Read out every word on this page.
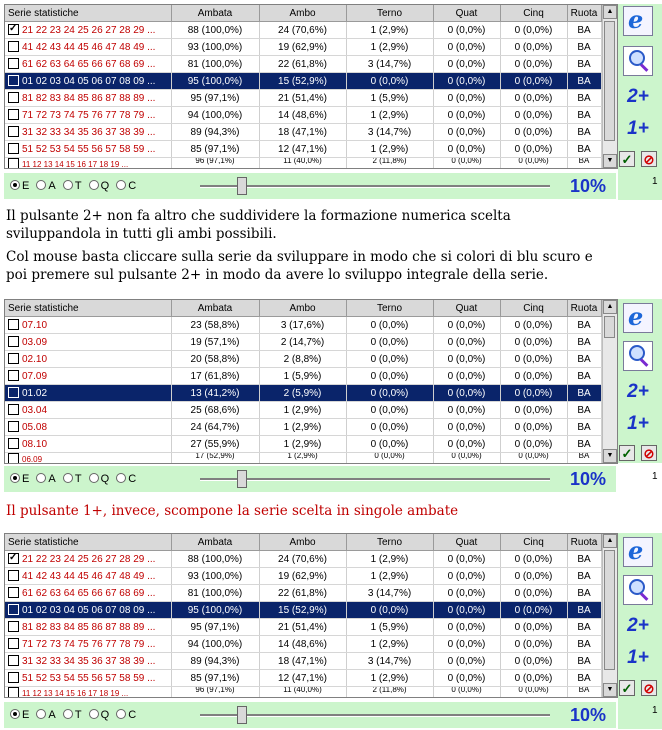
Serie statistiche	Ambata	Ambo	Terno	Quat	Cinq	Ruota
✓21 22 23 24 25 26 27 28 29 ...	88 (100,0%)	24 (70,6%)	1 (2,9%)	0 (0,0%)	0 (0,0%)	BA
41 42 43 44 45 46 47 48 49 ...	93 (100,0%)	19 (62,9%)	1 (2,9%)	0 (0,0%)	0 (0,0%)	BA
61 62 63 64 65 66 67 68 69 ...	81 (100,0%)	22 (61,8%)	3 (14,7%)	0 (0,0%)	0 (0,0%)	BA
01 02 03 04 05 06 07 08 09 ...	95 (100,0%)	15 (52,9%)	0 (0,0%)	0 (0,0%)	0 (0,0%)	BA
81 82 83 84 85 86 87 88 89 ...	95 (97,1%)	21 (51,4%)	1 (5,9%)	0 (0,0%)	0 (0,0%)	BA
71 72 73 74 75 76 77 78 79 ...	94 (100,0%)	14 (48,6%)	1 (2,9%)	0 (0,0%)	0 (0,0%)	BA
31 32 33 34 35 36 37 38 39 ...	89 (94,3%)	18 (47,1%)	3 (14,7%)	0 (0,0%)	0 (0,0%)	BA
51 52 53 54 55 56 57 58 59 ...	85 (97,1%)	12 (47,1%)	1 (2,9%)	0 (0,0%)	0 (0,0%)	BA
11 12 13 14 15 16 17 18 19 ...	96 (97,1%)	11 (40,0%)	2 (11,8%)	0 (0,0%)	0 (0,0%)	BA
▲
▼
e
2+
1+
✓ ⊘
E A T Q C	10%	1
Il pulsante 2+ non fa altro che suddividere la formazione numerica scelta
sviluppandola in tutti gli ambi possibili.
Col mouse basta cliccare sulla serie da sviluppare in modo che si colori di blu scuro e
poi premere sul pulsante 2+ in modo da avere lo sviluppo integrale della serie.
Serie statistiche	Ambata	Ambo	Terno	Quat	Cinq	Ruota
07.10	23 (58,8%)	3 (17,6%)	0 (0,0%)	0 (0,0%)	0 (0,0%)	BA
03.09	19 (57,1%)	2 (14,7%)	0 (0,0%)	0 (0,0%)	0 (0,0%)	BA
02.10	20 (58,8%)	2 (8,8%)	0 (0,0%)	0 (0,0%)	0 (0,0%)	BA
07.09	17 (61,8%)	1 (5,9%)	0 (0,0%)	0 (0,0%)	0 (0,0%)	BA
01.02	13 (41,2%)	2 (5,9%)	0 (0,0%)	0 (0,0%)	0 (0,0%)	BA
03.04	25 (68,6%)	1 (2,9%)	0 (0,0%)	0 (0,0%)	0 (0,0%)	BA
05.08	24 (64,7%)	1 (2,9%)	0 (0,0%)	0 (0,0%)	0 (0,0%)	BA
08.10	27 (55,9%)	1 (2,9%)	0 (0,0%)	0 (0,0%)	0 (0,0%)	BA
06.09	17 (52,9%)	1 (2,9%)	0 (0,0%)	0 (0,0%)	0 (0,0%)	BA
▲
▼
e
2+
1+
✓ ⊘
E A T Q C	10%	1
Il pulsante 1+, invece, scompone la serie scelta in singole ambate
Serie statistiche	Ambata	Ambo	Terno	Quat	Cinq	Ruota
✓21 22 23 24 25 26 27 28 29 ...	88 (100,0%)	24 (70,6%)	1 (2,9%)	0 (0,0%)	0 (0,0%)	BA
41 42 43 44 45 46 47 48 49 ...	93 (100,0%)	19 (62,9%)	1 (2,9%)	0 (0,0%)	0 (0,0%)	BA
61 62 63 64 65 66 67 68 69 ...	81 (100,0%)	22 (61,8%)	3 (14,7%)	0 (0,0%)	0 (0,0%)	BA
01 02 03 04 05 06 07 08 09 ...	95 (100,0%)	15 (52,9%)	0 (0,0%)	0 (0,0%)	0 (0,0%)	BA
81 82 83 84 85 86 87 88 89 ...	95 (97,1%)	21 (51,4%)	1 (5,9%)	0 (0,0%)	0 (0,0%)	BA
71 72 73 74 75 76 77 78 79 ...	94 (100,0%)	14 (48,6%)	1 (2,9%)	0 (0,0%)	0 (0,0%)	BA
31 32 33 34 35 36 37 38 39 ...	89 (94,3%)	18 (47,1%)	3 (14,7%)	0 (0,0%)	0 (0,0%)	BA
51 52 53 54 55 56 57 58 59 ...	85 (97,1%)	12 (47,1%)	1 (2,9%)	0 (0,0%)	0 (0,0%)	BA
11 12 13 14 15 16 17 18 19 ...	96 (97,1%)	11 (40,0%)	2 (11,8%)	0 (0,0%)	0 (0,0%)	BA
▲
▼
e
2+
1+
✓ ⊘
E A T Q C	10%	1
